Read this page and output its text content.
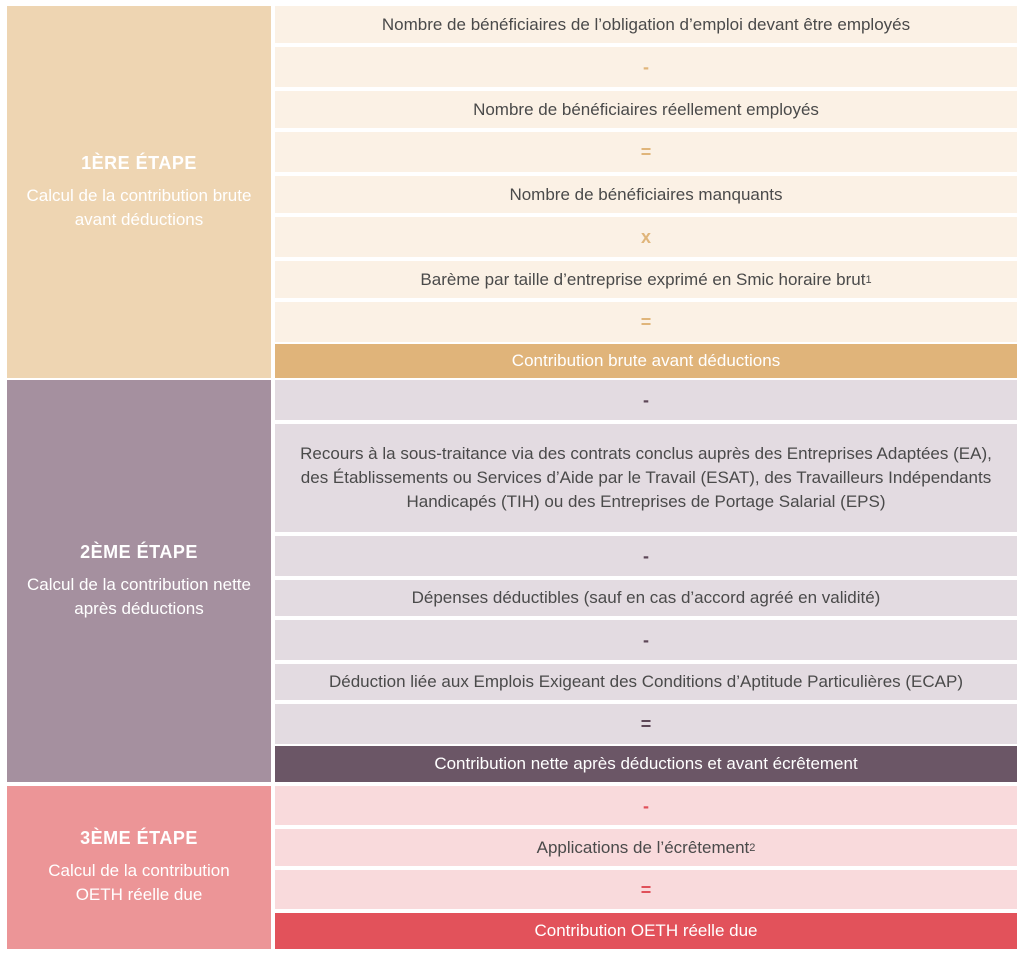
1ÈRE ÉTAPE
Calcul de la contribution brute avant déductions
Nombre de bénéficiaires de l’obligation d’emploi devant être employés
-
Nombre de bénéficiaires réellement employés
=
Nombre de bénéficiaires manquants
x
Barème par taille d’entreprise exprimé en Smic horaire brut 1
=
Contribution brute avant déductions
2ÈME ÉTAPE
Calcul de la contribution nette après déductions
-
Recours à la sous-traitance via des contrats conclus auprès des Entreprises Adaptées (EA), des Établissements ou Services d’Aide par le Travail (ESAT), des Travailleurs Indépendants Handicapés (TIH) ou des Entreprises de Portage Salarial (EPS)
-
Dépenses déductibles (sauf en cas d’accord agréé en validité)
-
Déduction liée aux Emplois Exigeant des Conditions d’Aptitude Particulières (ECAP)
=
Contribution nette après déductions et avant écrêtement
3ÈME ÉTAPE
Calcul de la contribution OETH réelle due
-
Applications de l’écrêtement 2
=
Contribution OETH réelle due
